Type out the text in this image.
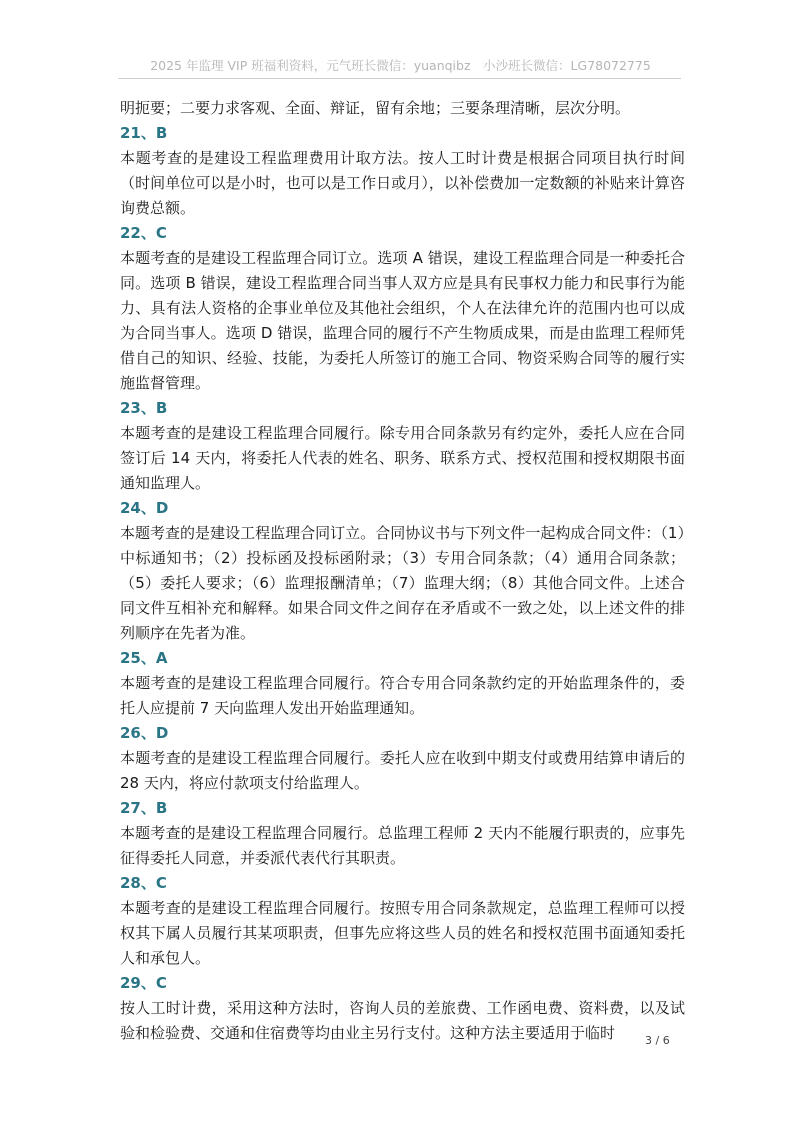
2025 年监理 VIP 班福利资料，元气班长微信：yuanqibz　小沙班长微信：LG78072775

明扼要；二要力求客观、全面、辩证，留有余地；三要条理清晰，层次分明。

21、B

本题考查的是建设工程监理费用计取方法。按人工时计费是根据合同项目执行时间（时间单位可以是小时，也可以是工作日或月），以补偿费加一定数额的补贴来计算咨询费总额。

22、C

本题考查的是建设工程监理合同订立。选项 A 错误，建设工程监理合同是一种委托合同。选项 B 错误，建设工程监理合同当事人双方应是具有民事权力能力和民事行为能力、具有法人资格的企事业单位及其他社会组织，个人在法律允许的范围内也可以成为合同当事人。选项 D 错误，监理合同的履行不产生物质成果，而是由监理工程师凭借自己的知识、经验、技能，为委托人所签订的施工合同、物资采购合同等的履行实施监督管理。

23、B

本题考查的是建设工程监理合同履行。除专用合同条款另有约定外，委托人应在合同签订后 14 天内，将委托人代表的姓名、职务、联系方式、授权范围和授权期限书面通知监理人。

24、D

本题考查的是建设工程监理合同订立。合同协议书与下列文件一起构成合同文件：（1）中标通知书；（2）投标函及投标函附录；（3）专用合同条款；（4）通用合同条款；（5）委托人要求；（6）监理报酬清单；（7）监理大纲；（8）其他合同文件。上述合同文件互相补充和解释。如果合同文件之间存在矛盾或不一致之处，以上述文件的排列顺序在先者为准。

25、A

本题考查的是建设工程监理合同履行。符合专用合同条款约定的开始监理条件的，委托人应提前 7 天向监理人发出开始监理通知。

26、D

本题考查的是建设工程监理合同履行。委托人应在收到中期支付或费用结算申请后的 28 天内，将应付款项支付给监理人。

27、B

本题考查的是建设工程监理合同履行。总监理工程师 2 天内不能履行职责的，应事先征得委托人同意，并委派代表代行其职责。

28、C

本题考查的是建设工程监理合同履行。按照专用合同条款规定，总监理工程师可以授权其下属人员履行其某项职责，但事先应将这些人员的姓名和授权范围书面通知委托人和承包人。

29、C

按人工时计费，采用这种方法时，咨询人员的差旅费、工作函电费、资料费，以及试验和检验费、交通和住宿费等均由业主另行支付。这种方法主要适用于临时	3 / 6
